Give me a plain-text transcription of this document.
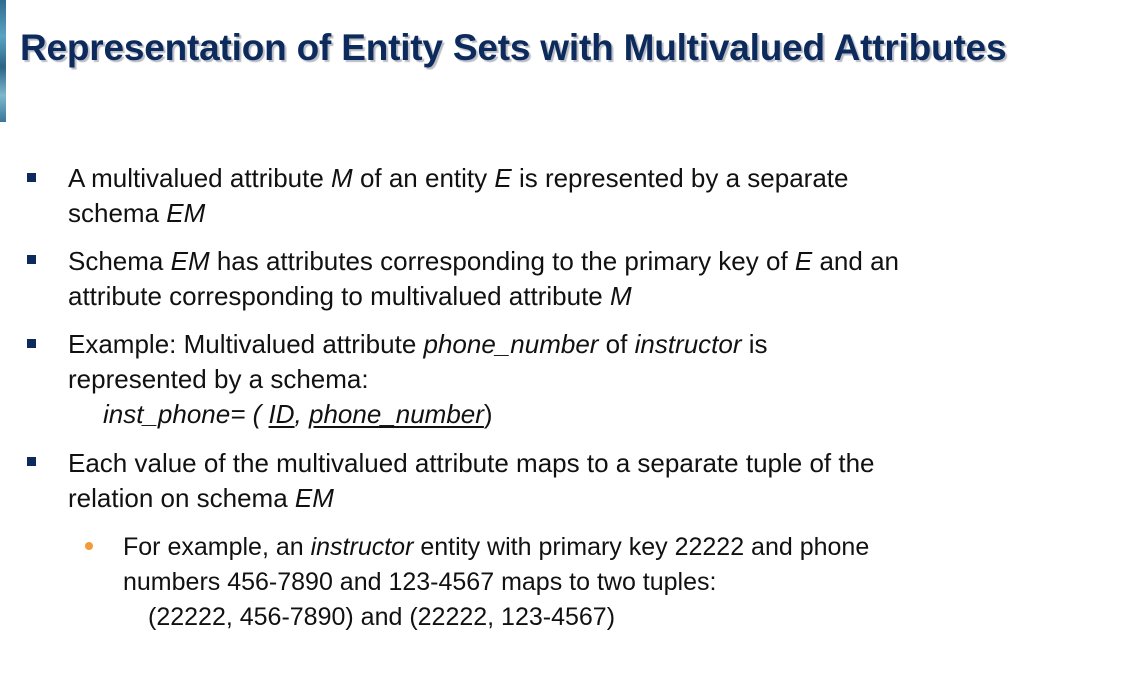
Representation of Entity Sets with Multivalued Attributes
A multivalued attribute M of an entity E is represented by a separate
schema EM
Schema EM has attributes corresponding to the primary key of E and an
attribute corresponding to multivalued attribute M
Example: Multivalued attribute phone_number of instructor is
represented by a schema:
inst_phone= ( ID, phone_number)
Each value of the multivalued attribute maps to a separate tuple of the
relation on schema EM
For example, an instructor entity with primary key 22222 and phone
numbers 456-7890 and 123-4567 maps to two tuples:
(22222, 456-7890) and (22222, 123-4567)
